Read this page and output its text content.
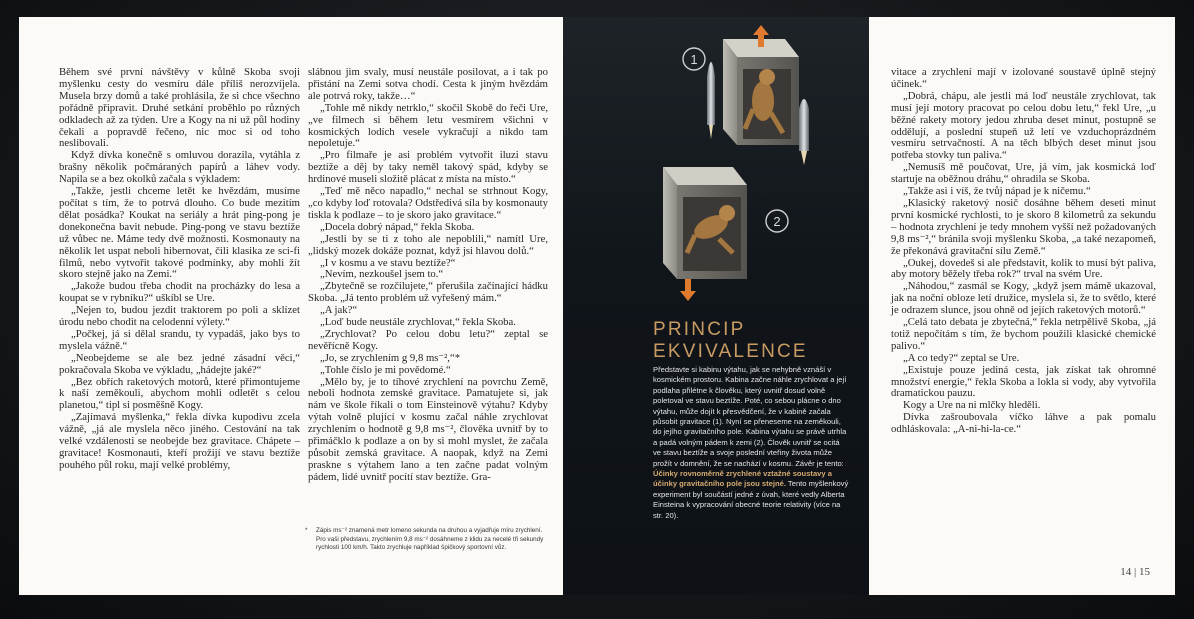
Během své první návštěvy v kůlně Skoba svoji myšlenku cesty do vesmíru dále příliš nerozvíjela. Musela brzy domů a také prohlásila, že si chce všechno pořádně připravit. Druhé setkání proběhlo po různých odkladech až za týden. Ure a Kogy na ni už půl hodiny čekali a popravdě řečeno, nic moc si od toho neslibovali.

Když dívka konečně s omluvou dorazila, vytáhla z brašny několik počmáraných papírů a láhev vody. Napila se a bez okolků začala s výkladem:

„Takže, jestli chceme letět ke hvězdám, musíme počítat s tím, že to potrvá dlouho. Co bude mezitím dělat posádka? Koukat na seriály a hrát ping-pong je donekonečna bavit nebude. Ping-pong ve stavu beztíže už vůbec ne. Máme tedy dvě možnosti. Kosmonauty na několik let uspat neboli hibernovat, čili klasika ze sci-fi filmů, nebo vytvořit takové podmínky, aby mohli žít skoro stejně jako na Zemi.“

„Jakože budou třeba chodit na procházky do lesa a koupat se v rybníku?“ uškíbl se Ure.

„Nejen to, budou jezdit traktorem po poli a sklízet úrodu nebo chodit na celodenní výlety.“

„Počkej, já si dělal srandu, ty vypadáš, jako bys to myslela vážně.“

„Neobejdeme se ale bez jedné zásadní věci,“ pokračovala Skoba ve výkladu, „hádejte jaké?“

„Bez obřích raketových motorů, které přimontujeme k naší zeměkouli, abychom mohli odletět s celou planetou,“ tipl si posměšně Kogy.

„Zajímavá myšlenka,“ řekla dívka kupodivu zcela vážně, „já ale myslela něco jiného. Cestování na tak velké vzdálenosti se neobejde bez gravitace. Chápete – gravitace! Kosmonauti, kteří prožijí ve stavu beztíže pouhého půl roku, mají velké problémy,

slábnou jim svaly, musí neustále posilovat, a i tak po přistání na Zemi sotva chodí. Cesta k jiným hvězdám ale potrvá roky, takže…“

„Tohle mě nikdy netrklo,“ skočil Skobě do řeči Ure, „ve filmech si během letu vesmírem všichni v kosmických lodích vesele vykračují a nikdo tam nepoletuje.“

„Pro filmaře je asi problém vytvořit iluzi stavu beztíže a děj by taky neměl takový spád, kdyby se hrdinové museli složitě plácat z místa na místo.“

„Teď mě něco napadlo,“ nechal se strhnout Kogy, „co kdyby loď rotovala? Odstředivá síla by kosmonauty tiskla k podlaze – to je skoro jako gravitace.“

„Docela dobrý nápad,“ řekla Skoba.

„Jestli by se ti z toho ale nepoblili,“ namítl Ure, „lidský mozek dokáže poznat, když jsi hlavou dolů.“

„I v kosmu a ve stavu beztíže?“

„Nevím, nezkoušel jsem to.“

„Zbytečně se rozčilujete,“ přerušila začínající hádku Skoba. „Já tento problém už vyřešený mám.“

„A jak?“

„Loď bude neustále zrychlovat,“ řekla Skoba.

„Zrychlovat? Po celou dobu letu?“ zeptal se nevěřícně Kogy.

„Jo, se zrychlením g 9,8 ms⁻²,“*

„Tohle číslo je mi povědomé.“

„Mělo by, je to tíhové zrychlení na povrchu Země, neboli hodnota zemské gravitace. Pamatujete si, jak nám ve škole říkali o tom Einsteinově výtahu? Kdyby výtah volně plující v kosmu začal náhle zrychlovat zrychlením o hodnotě g 9,8 ms⁻², člověka uvnitř by to přimáčklo k podlaze a on by si mohl myslet, že začala působit zemská gravitace. A naopak, když na Zemi praskne s výtahem lano a ten začne padat volným pádem, lidé uvnitř pocítí stav beztíže. Gra-

* Zápis ms⁻² znamená metr lomeno sekunda na druhou a vyjadřuje míru zrychlení. Pro vaši představu, zrychlením 9,8 ms⁻² dosáhneme z klidu za necelé tři sekundy rychlosti 100 km/h. Takto zrychluje například špičkový sportovní vůz.
1
2
PRINCIP
EKVIVALENCE
Představte si kabinu výtahu, jak se nehybně vznáší v kosmickém prostoru. Kabina začne náhle zrychlovat a její podlaha přilétne k člověku, který uvnitř dosud volně poletoval ve stavu beztíže. Poté, co sebou plácne o dno výtahu, může dojít k přesvědčení, že v kabině začala působit gravitace (1). Nyní se přeneseme na zeměkouli, do jejího gravitačního pole. Kabina výtahu se právě utrhla a padá volným pádem k zemi (2). Člověk uvnitř se ocitá ve stavu beztíže a svoje poslední vteřiny života může prožít v domnění, že se nachází v kosmu. Závěr je tento: Účinky rovnoměrně zrychlené vztažné soustavy a účinky gravitačního pole jsou stejné. Tento myšlenkový experiment byl součástí jedné z úvah, které vedly Alberta Einsteina k vypracování obecné teorie relativity (více na str. 20).

vitace a zrychlení mají v izolované soustavě úplně stejný účinek.“

„Dobrá, chápu, ale jestli má loď neustále zrychlovat, tak musí její motory pracovat po celou dobu letu,“ řekl Ure, „u běžné rakety motory jedou zhruba deset minut, postupně se oddělují, a poslední stupeň už letí ve vzduchoprázdném vesmíru setrvačností. A na těch blbých deset minut jsou potřeba stovky tun paliva.“

„Nemusíš mě poučovat, Ure, já vím, jak kosmická loď startuje na oběžnou dráhu,“ ohradila se Skoba.

„Takže asi i víš, že tvůj nápad je k ničemu.“

„Klasický raketový nosič dosáhne během deseti minut první kosmické rychlosti, to je skoro 8 kilometrů za sekundu – hodnota zrychlení je tedy mnohem vyšší než požadovaných 9,8 ms⁻²,“ bránila svoji myšlenku Skoba, „a také nezapomeň, že překonává gravitační sílu Země.“

„Oukej, dovedeš si ale představit, kolik to musí být paliva, aby motory běžely třeba rok?“ trval na svém Ure.

„Náhodou,“ zasmál se Kogy, „když jsem mámě ukazoval, jak na noční obloze letí družice, myslela si, že to světlo, které je odrazem slunce, jsou ohně od jejích raketových motorů.“

„Celá tato debata je zbytečná,“ řekla netrpělivě Skoba, „já totiž nepočítám s tím, že bychom použili klasické chemické palivo.“

„A co tedy?“ zeptal se Ure.

„Existuje pouze jediná cesta, jak získat tak ohromné množství energie,“ řekla Skoba a lokla si vody, aby vytvořila dramatickou pauzu.

Kogy a Ure na ni mlčky hleděli.

Dívka zašroubovala víčko láhve a pak pomalu odhláskovala: „A-ni-hi-la-ce.“

14 | 15
